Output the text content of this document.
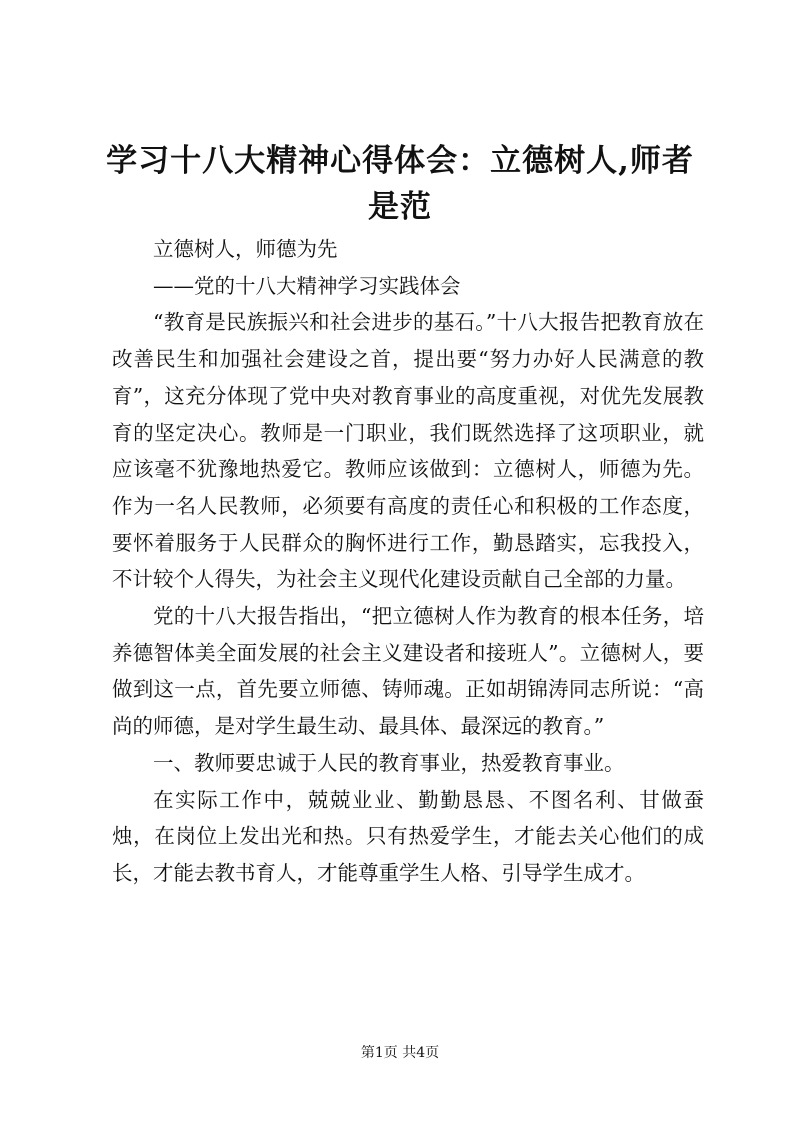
学习十八大精神心得体会：立德树人,师者是范

立德树人，师德为先

——党的十八大精神学习实践体会

“教育是民族振兴和社会进步的基石。”十八大报告把教育放在改善民生和加强社会建设之首，提出要“努力办好人民满意的教育”，这充分体现了党中央对教育事业的高度重视，对优先发展教育的坚定决心。教师是一门职业，我们既然选择了这项职业，就应该毫不犹豫地热爱它。教师应该做到：立德树人，师德为先。作为一名人民教师，必须要有高度的责任心和积极的工作态度，要怀着服务于人民群众的胸怀进行工作，勤恳踏实，忘我投入，不计较个人得失，为社会主义现代化建设贡献自己全部的力量。

党的十八大报告指出，“把立德树人作为教育的根本任务，培养德智体美全面发展的社会主义建设者和接班人”。立德树人，要做到这一点，首先要立师德、铸师魂。正如胡锦涛同志所说：“高尚的师德，是对学生最生动、最具体、最深远的教育。”

一、教师要忠诚于人民的教育事业，热爱教育事业。

在实际工作中，兢兢业业、勤勤恳恳、不图名利、甘做蚕烛，在岗位上发出光和热。只有热爱学生，才能去关心他们的成长，才能去教书育人，才能尊重学生人格、引导学生成才。

第1页 共4页
